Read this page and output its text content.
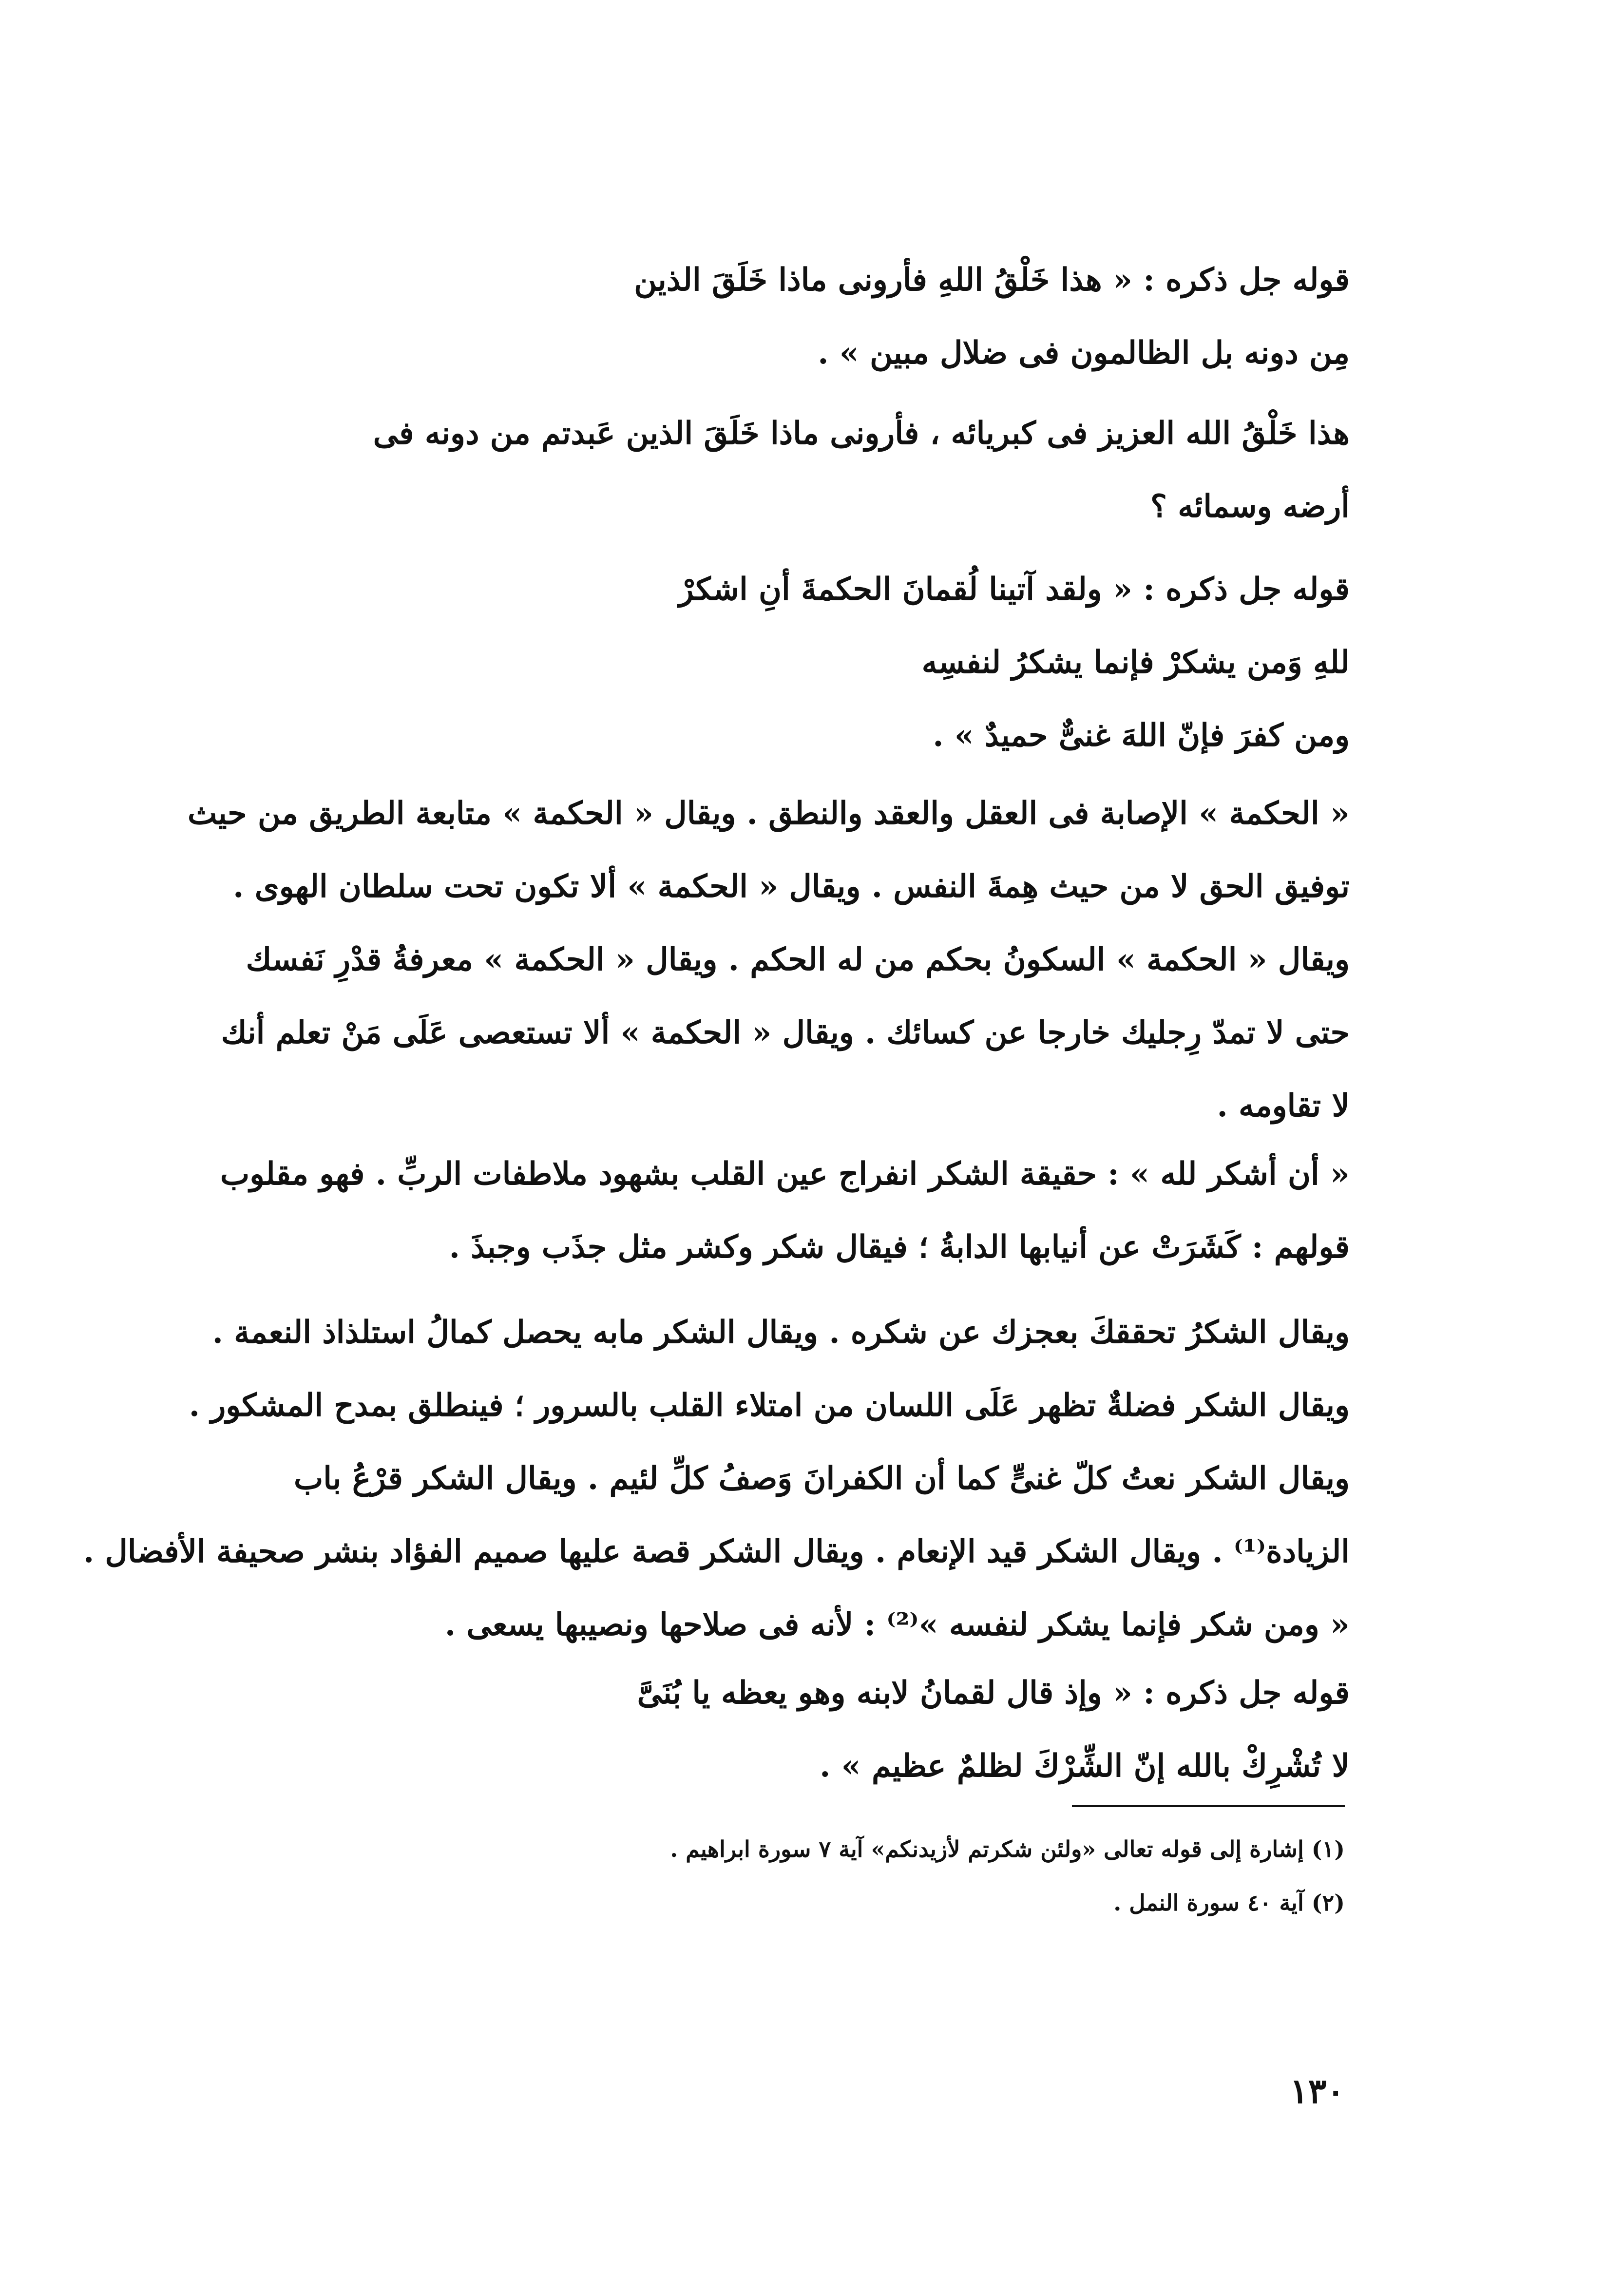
قوله جل ذكره : « هذا خَلْقُ اللهِ فأرونى ماذا خَلَقَ الذين
مِن دونه بل الظالمون فى ضلال مبين » .
هذا خَلْقُ الله العزيز فى كبريائه ، فأرونى ماذا خَلَقَ الذين عَبدتم من دونه فى
أرضه وسمائه ؟
قوله جل ذكره : « ولقد آتينا لُقمانَ الحكمةَ أنِ اشكرْ
للهِ وَمن يشكرْ فإنما يشكرُ لنفسِه
ومن كفرَ فإنّ اللهَ غنىٌّ حميدٌ » .
« الحكمة » الإصابة فى العقل والعقد والنطق . ويقال « الحكمة » متابعة الطريق من حيث
توفيق الحق لا من حيث هِمةَ النفس . ويقال « الحكمة » ألا تكون تحت سلطان الهوى .
ويقال « الحكمة » السكونُ بحكم من له الحكم . ويقال « الحكمة » معرفةُ قدْرِ نَفسك
حتى لا تمدّ رِجليك خارجا عن كسائك . ويقال « الحكمة » ألا تستعصى عَلَى مَنْ تعلم أنك
لا تقاومه .
« أن أشكر لله » : حقيقة الشكر انفراج عين القلب بشهود ملاطفات الربِّ . فهو مقلوب
قولهم : كَشَرَتْ عن أنيابها الدابةُ ؛ فيقال شكر وكشر مثل جذَب وجبذَ .
ويقال الشكرُ تحققكَ بعجزك عن شكره . ويقال الشكر مابه يحصل كمالُ استلذاذ النعمة .
ويقال الشكر فضلةٌ تظهر عَلَى اللسان من امتلاء القلب بالسرور ؛ فينطلق بمدح المشكور .
ويقال الشكر نعتُ كلّ غنىٍّ كما أن الكفرانَ وَصفُ كلِّ لئيم . ويقال الشكر قرْعُ باب
الزيادة⁽¹⁾ . ويقال الشكر قيد الإنعام . ويقال الشكر قصة عليها صميم الفؤاد بنشر صحيفة الأفضال .
« ومن شكر فإنما يشكر لنفسه »⁽²⁾ : لأنه فى صلاحها ونصيبها يسعى .
قوله جل ذكره : « وإذ قال لقمانُ لابنه وهو يعظه يا بُنَىَّ
لا تُشْرِكْ بالله إنّ الشِّرْكَ لظلمٌ عظيم » .
(١) إشارة إلى قوله تعالى «ولئن شكرتم لأزيدنكم» آية ٧ سورة ابراهيم .
(٢) آية ٤٠ سورة النمل .
١٣٠
